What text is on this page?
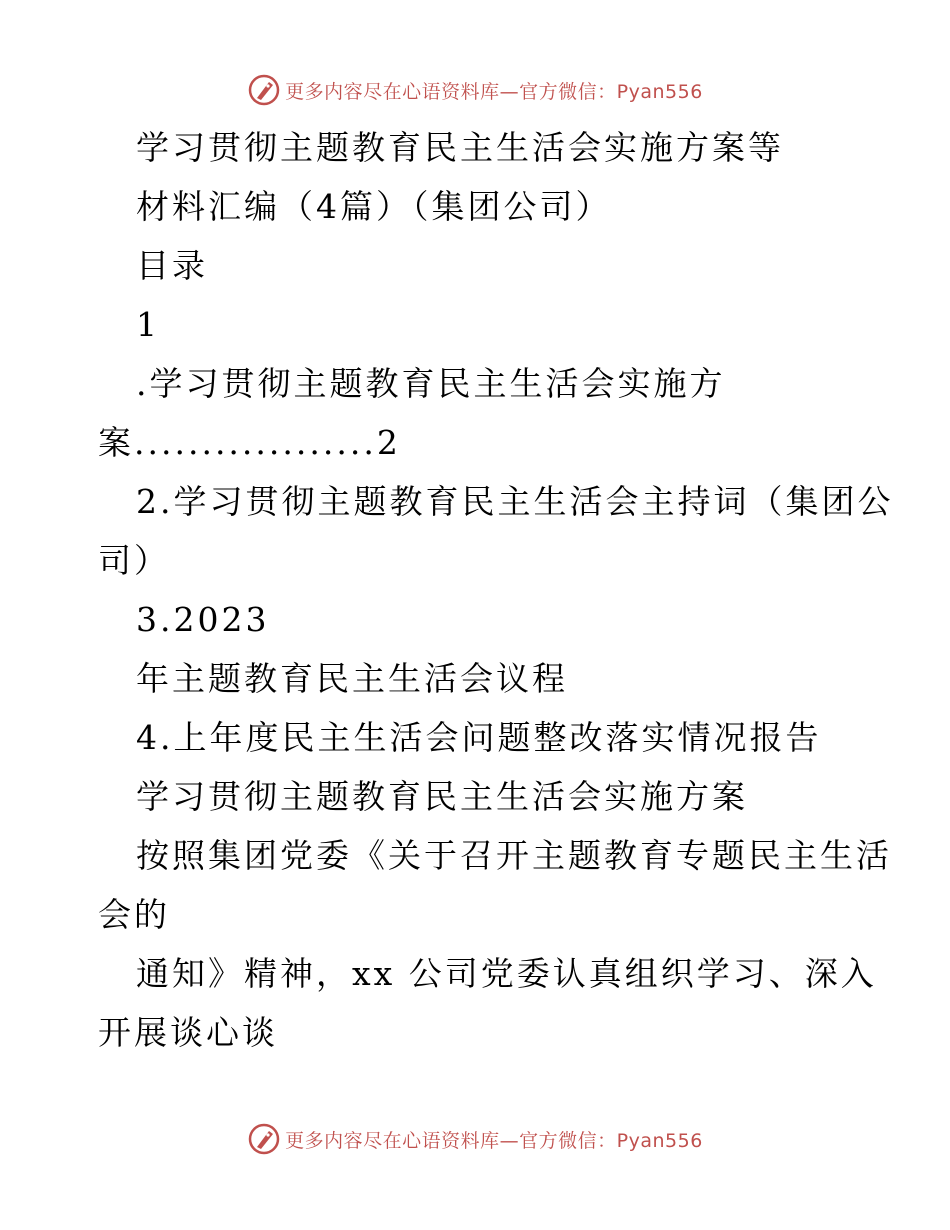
更多内容尽在心语资料库—官方微信：Pyan556
学习贯彻主题教育民主生活会实施方案等
材料汇编（4篇）（集团公司）
目录
1
.学习贯彻主题教育民主生活会实施方
案..................2
2.学习贯彻主题教育民主生活会主持词（集团公
司）
3.2023
年主题教育民主生活会议程
4.上年度民主生活会问题整改落实情况报告
学习贯彻主题教育民主生活会实施方案
按照集团党委《关于召开主题教育专题民主生活
会的
通知》精神，xx 公司党委认真组织学习、深入
开展谈心谈
更多内容尽在心语资料库—官方微信：Pyan556
